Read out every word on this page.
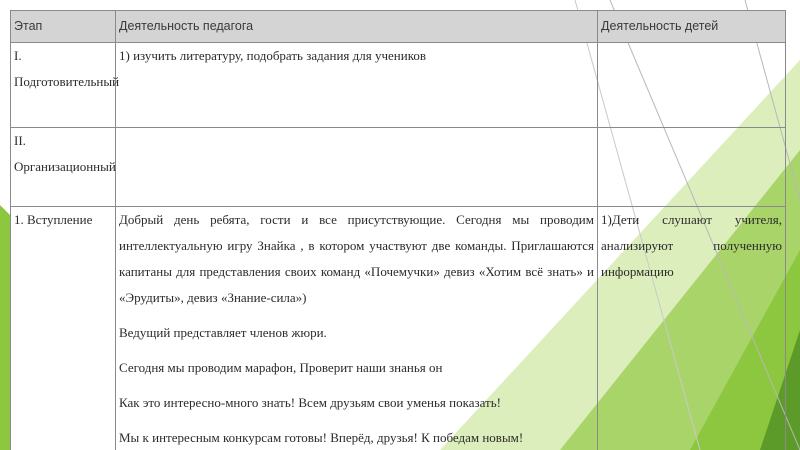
Этап	Деятельность педагога	Деятельность детей
I. Подготовительный	1) изучить литературу, подобрать задания для учеников	

II. Организационный		
1. Вступление	Добрый день ребята, гости и все присутствующие. Сегодня мы проводим интеллектуальную игру Знайка , в котором участвуют две команды. Приглашаются капитаны для представления своих команд «Почемучки» девиз «Хотим всё знать» и «Эрудиты», девиз «Знание-сила»)
Ведущий представляет членов жюри.
Сегодня мы проводим марафон, Проверит наши знанья он
Как это интересно-много знать! Всем друзьям свои уменья показать!
Мы к интересным конкурсам готовы! Вперёд, друзья! К победам новым!	1)Дети слушают учителя, анализируют полученную информацию
